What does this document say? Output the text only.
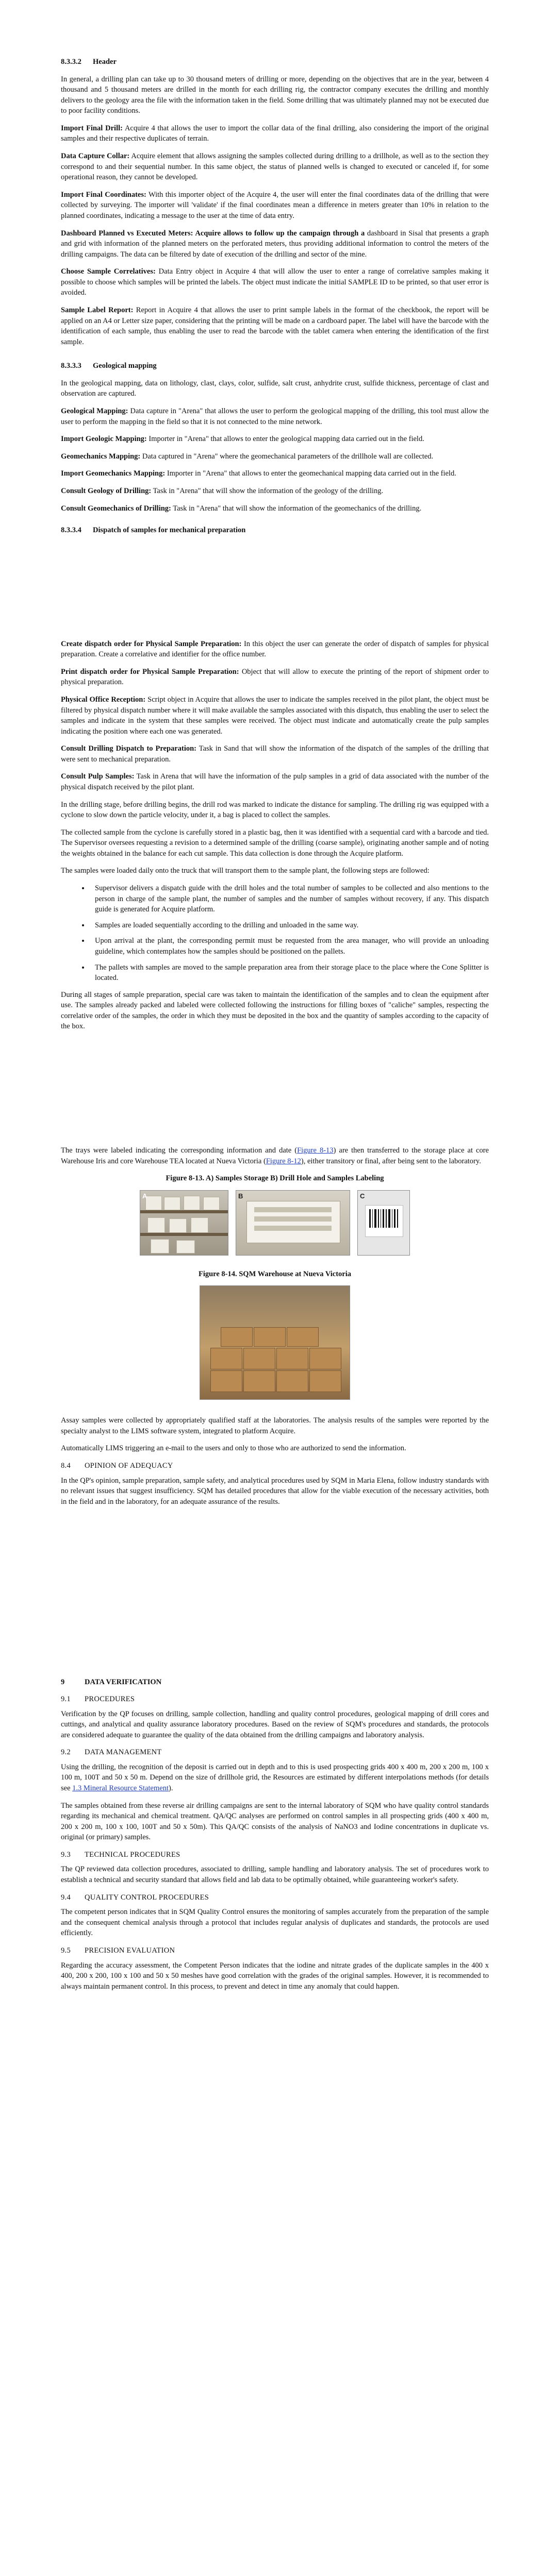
8.3.3.2 Header

In general, a drilling plan can take up to 30 thousand meters of drilling or more, depending on the objectives that are in the year, between 4 thousand and 5 thousand meters are drilled in the month for each drilling rig, the contractor company executes the drilling and monthly delivers to the geology area the file with the information taken in the field. Some drilling that was ultimately planned may not be executed due to poor facility conditions.

Import Final Drill: Acquire 4 that allows the user to import the collar data of the final drilling, also considering the import of the original samples and their respective duplicates of terrain.

Data Capture Collar: Acquire element that allows assigning the samples collected during drilling to a drillhole, as well as to the section they correspond to and their sequential number. In this same object, the status of planned wells is changed to executed or canceled if, for some operational reason, they cannot be developed.

Import Final Coordinates: With this importer object of the Acquire 4, the user will enter the final coordinates data of the drilling that were collected by surveying. The importer will 'validate' if the final coordinates mean a difference in meters greater than 10% in relation to the planned coordinates, indicating a message to the user at the time of data entry.

Dashboard Planned vs Executed Meters: Acquire allows to follow up the campaign through a dashboard in Sisal that presents a graph and grid with information of the planned meters on the perforated meters, thus providing additional information to control the meters of the drilling campaigns. The data can be filtered by date of execution of the drilling and sector of the mine.

Choose Sample Correlatives: Data Entry object in Acquire 4 that will allow the user to enter a range of correlative samples making it possible to choose which samples will be printed the labels. The object must indicate the initial SAMPLE ID to be printed, so that user error is avoided.

Sample Label Report: Report in Acquire 4 that allows the user to print sample labels in the format of the checkbook, the report will be applied on an A4 or Letter size paper, considering that the printing will be made on a cardboard paper. The label will have the barcode with the identification of each sample, thus enabling the user to read the barcode with the tablet camera when entering the identification of the first sample.

8.3.3.3 Geological mapping

In the geological mapping, data on lithology, clast, clays, color, sulfide, salt crust, anhydrite crust, sulfide thickness, percentage of clast and observation are captured.

Geological Mapping: Data capture in "Arena" that allows the user to perform the geological mapping of the drilling, this tool must allow the user to perform the mapping in the field so that it is not connected to the mine network.

Import Geologic Mapping: Importer in "Arena" that allows to enter the geological mapping data carried out in the field.

Geomechanics Mapping: Data captured in "Arena" where the geomechanical parameters of the drillhole wall are collected.

Import Geomechanics Mapping: Importer in "Arena" that allows to enter the geomechanical mapping data carried out in the field.

Consult Geology of Drilling: Task in "Arena" that will show the information of the geology of the drilling.

Consult Geomechanics of Drilling: Task in "Arena" that will show the information of the geomechanics of the drilling.

8.3.3.4 Dispatch of samples for mechanical preparation

Create dispatch order for Physical Sample Preparation: In this object the user can generate the order of dispatch of samples for physical preparation. Create a correlative and identifier for the office number.

Print dispatch order for Physical Sample Preparation: Object that will allow to execute the printing of the report of shipment order to physical preparation.

Physical Office Reception: Script object in Acquire that allows the user to indicate the samples received in the pilot plant, the object must be filtered by physical dispatch number where it will make available the samples associated with this dispatch, thus enabling the user to select the samples and indicate in the system that these samples were received. The object must indicate and automatically create the pulp samples indicating the position where each one was generated.

Consult Drilling Dispatch to Preparation: Task in Sand that will show the information of the dispatch of the samples of the drilling that were sent to mechanical preparation.

Consult Pulp Samples: Task in Arena that will have the information of the pulp samples in a grid of data associated with the number of the physical dispatch received by the pilot plant.

In the drilling stage, before drilling begins, the drill rod was marked to indicate the distance for sampling. The drilling rig was equipped with a cyclone to slow down the particle velocity, under it, a bag is placed to collect the samples.

The collected sample from the cyclone is carefully stored in a plastic bag, then it was identified with a sequential card with a barcode and tied. The Supervisor oversees requesting a revision to a determined sample of the drilling (coarse sample), originating another sample and of noting the weights obtained in the balance for each cut sample. This data collection is done through the Acquire platform.

The samples were loaded daily onto the truck that will transport them to the sample plant, the following steps are followed:

• Supervisor delivers a dispatch guide with the drill holes and the total number of samples to be collected and also mentions to the person in charge of the sample plant, the number of samples and the number of samples without recovery, if any. This dispatch guide is generated for Acquire platform.
• Samples are loaded sequentially according to the drilling and unloaded in the same way.
• Upon arrival at the plant, the corresponding permit must be requested from the area manager, who will provide an unloading guideline, which contemplates how the samples should be positioned on the pallets.
• The pallets with samples are moved to the sample preparation area from their storage place to the place where the Cone Splitter is located.

During all stages of sample preparation, special care was taken to maintain the identification of the samples and to clean the equipment after use. The samples already packed and labeled were collected following the instructions for filling boxes of "caliche" samples, respecting the correlative order of the samples, the order in which they must be deposited in the box and the quantity of samples according to the capacity of the box.

The trays were labeled indicating the corresponding information and date (Figure 8-13) are then transferred to the storage place at core Warehouse Iris and core Warehouse TEA located at Nueva Victoria (Figure 8-12), either transitory or final, after being sent to the laboratory.

Figure 8-13. A) Samples Storage B) Drill Hole and Samples Labeling
A	B	C
Figure 8-14. SQM Warehouse at Nueva Victoria

Assay samples were collected by appropriately qualified staff at the laboratories. The analysis results of the samples were reported by the specialty analyst to the LIMS software system, integrated to platform Acquire.

Automatically LIMS triggering an e-mail to the users and only to those who are authorized to send the information.

8.4 OPINION OF ADEQUACY

In the QP's opinion, sample preparation, sample safety, and analytical procedures used by SQM in Maria Elena, follow industry standards with no relevant issues that suggest insufficiency. SQM has detailed procedures that allow for the viable execution of the necessary activities, both in the field and in the laboratory, for an adequate assurance of the results.

9	DATA VERIFICATION
9.1 PROCEDURES

Verification by the QP focuses on drilling, sample collection, handling and quality control procedures, geological mapping of drill cores and cuttings, and analytical and quality assurance laboratory procedures. Based on the review of SQM's procedures and standards, the protocols are considered adequate to guarantee the quality of the data obtained from the drilling campaigns and laboratory analysis.

9.2 DATA MANAGEMENT

Using the drilling, the recognition of the deposit is carried out in depth and to this is used prospecting grids 400 x 400 m, 200 x 200 m, 100 x 100 m, 100T and 50 x 50 m. Depend on the size of drillhole grid, the Resources are estimated by different interpolations methods (for details see 1.3 Mineral Resource Statement).

The samples obtained from these reverse air drilling campaigns are sent to the internal laboratory of SQM who have quality control standards regarding its mechanical and chemical treatment. QA/QC analyses are performed on control samples in all prospecting grids (400 x 400 m, 200 x 200 m, 100 x 100, 100T and 50 x 50m). This QA/QC consists of the analysis of NaNO3 and Iodine concentrations in duplicate vs. original (or primary) samples.

9.3 TECHNICAL PROCEDURES

The QP reviewed data collection procedures, associated to drilling, sample handling and laboratory analysis. The set of procedures work to establish a technical and security standard that allows field and lab data to be optimally obtained, while guaranteeing worker's safety.

9.4 QUALITY CONTROL PROCEDURES

The competent person indicates that in SQM Quality Control ensures the monitoring of samples accurately from the preparation of the sample and the consequent chemical analysis through a protocol that includes regular analysis of duplicates and standards, the protocols are used efficiently.

9.5 PRECISION EVALUATION

Regarding the accuracy assessment, the Competent Person indicates that the iodine and nitrate grades of the duplicate samples in the 400 x 400, 200 x 200, 100 x 100 and 50 x 50 meshes have good correlation with the grades of the original samples. However, it is recommended to always maintain permanent control. In this process, to prevent and detect in time any anomaly that could happen.
